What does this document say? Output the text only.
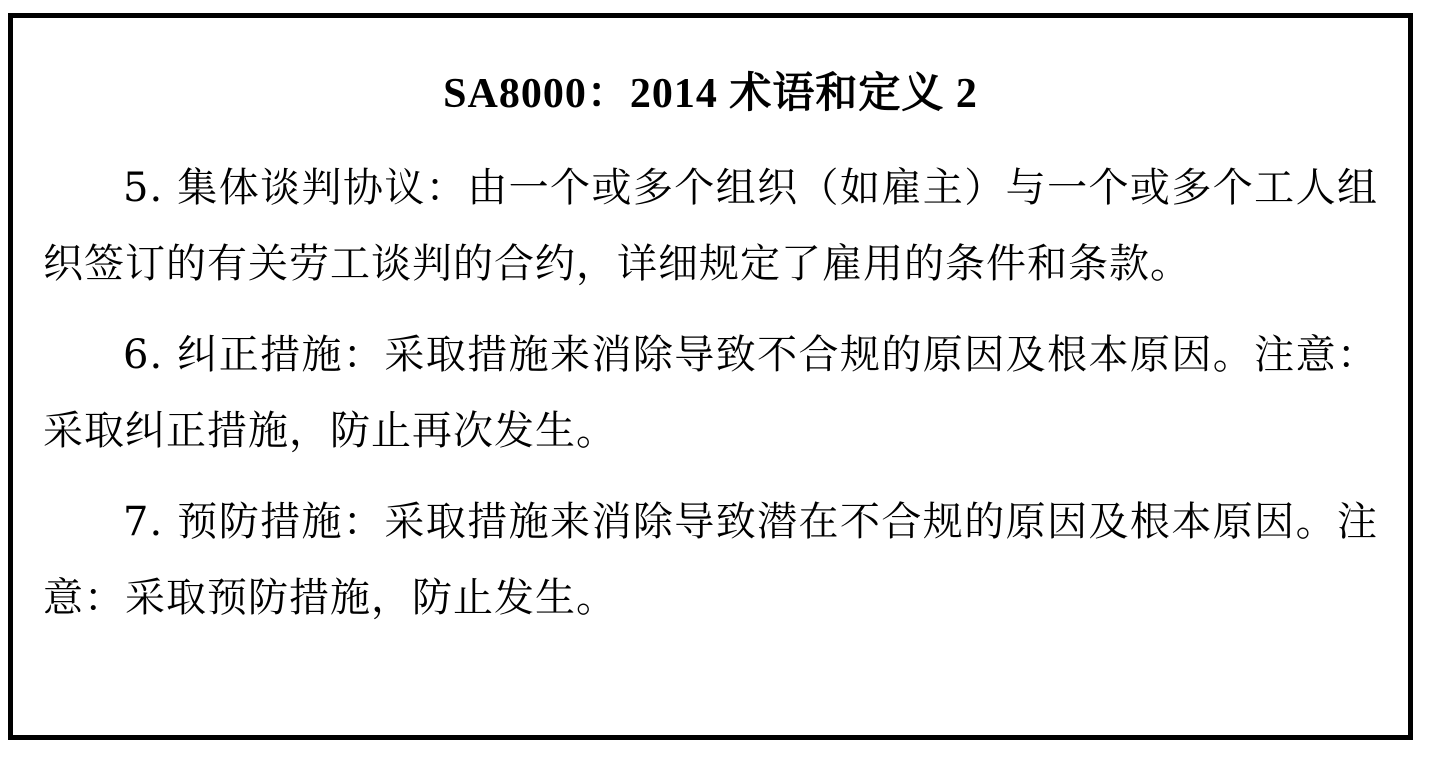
SA8000：2014 术语和定义 2

5. 集体谈判协议：由一个或多个组织（如雇主）与一个或多个工人组织签订的有关劳工谈判的合约，详细规定了雇用的条件和条款。

6. 纠正措施：采取措施来消除导致不合规的原因及根本原因。注意：采取纠正措施，防止再次发生。

7. 预防措施：采取措施来消除导致潜在不合规的原因及根本原因。注意：采取预防措施，防止发生。
